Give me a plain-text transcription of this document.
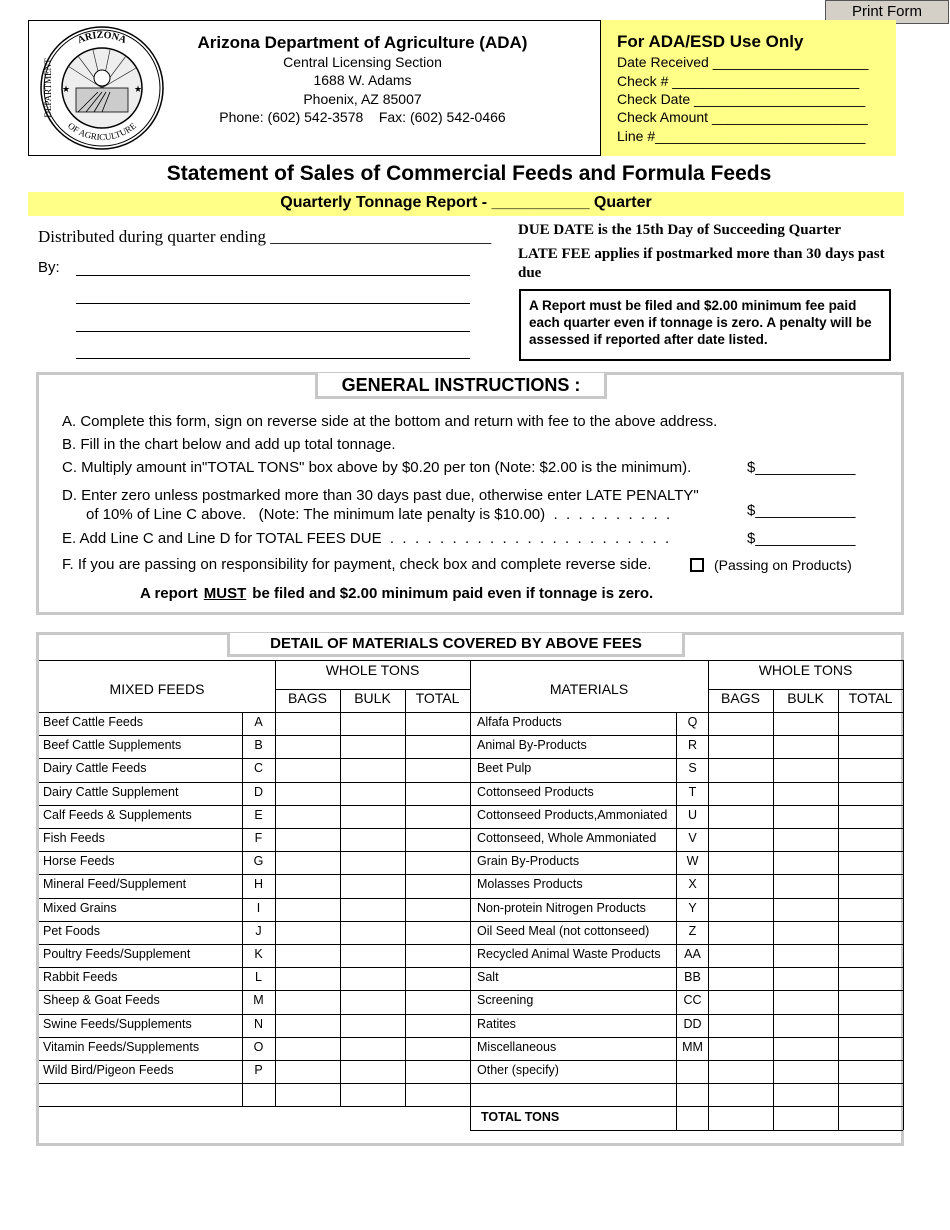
Print Form
ARIZONA
OF AGRICULTURE
DEPARTMENT ★	★
Arizona Department of Agriculture (ADA)
Central Licensing Section
1688 W. Adams
Phoenix, AZ 85007
Phone: (602) 542-3578    Fax: (602) 542-0466
For ADA/ESD Use Only
Date Received ____________________
Check # ________________________
Check Date ______________________
Check Amount ____________________
Line #___________________________
Statement of Sales of Commercial Feeds and Formula Feeds
Quarterly Tonnage Report - ___________ Quarter
Distributed during quarter ending __________________________
By:
DUE DATE is the 15th Day of Succeeding Quarter
LATE FEE applies if postmarked more than 30 days past due
A Report must be filed and $2.00 minimum fee paid each quarter even if tonnage is zero. A penalty will be assessed if reported after date listed.
GENERAL INSTRUCTIONS :
A. Complete this form, sign on reverse side at the bottom and return with fee to the above address.
B. Fill in the chart below and add up total tonnage.
C. Multiply amount in"TOTAL TONS" box above by $0.20 per ton (Note: $2.00 is the minimum).	$____________
D. Enter zero unless postmarked more than 30 days past due, otherwise enter LATE PENALTY"
of 10% of Line C above.   (Note: The minimum late penalty is $10.00)  .  .  .  .  .  .  .  .  .  .	$____________
E. Add Line C and Line D for TOTAL FEES DUE  .  .  .  .  .  .  .  .  .  .  .  .  .  .  .  .  .  .  .  .  .  .  .	$____________
F. If you are passing on responsibility for payment, check box and complete reverse side.	(Passing on Products)
A report MUST be filed and $2.00 minimum paid even if tonnage is zero.
DETAIL OF MATERIALS COVERED BY ABOVE FEES
MIXED FEEDS
WHOLE TONS
BAGS	BULK	TOTAL
MATERIALS
WHOLE TONS
BAGS	BULK	TOTAL
Beef Cattle Feeds	A	Alfafa Products	Q
Beef Cattle Supplements	B	Animal By-Products	R
Dairy Cattle Feeds	C	Beet Pulp	S
Dairy Cattle Supplement	D	Cottonseed Products	T
Calf Feeds & Supplements	E	Cottonseed Products,Ammoniated	U
Fish Feeds	F	Cottonseed, Whole Ammoniated	V
Horse Feeds	G	Grain By-Products	W
Mineral Feed/Supplement	H	Molasses Products	X
Mixed Grains	I	Non-protein Nitrogen Products	Y
Pet Foods	J	Oil Seed Meal (not cottonseed)	Z
Poultry Feeds/Supplement	K	Recycled Animal Waste Products	AA
Rabbit Feeds	L	Salt	BB
Sheep & Goat Feeds	M	Screening	CC
Swine Feeds/Supplements	N	Ratites	DD
Vitamin Feeds/Supplements	O	Miscellaneous	MM
Wild Bird/Pigeon Feeds	P	Other (specify)
TOTAL TONS
